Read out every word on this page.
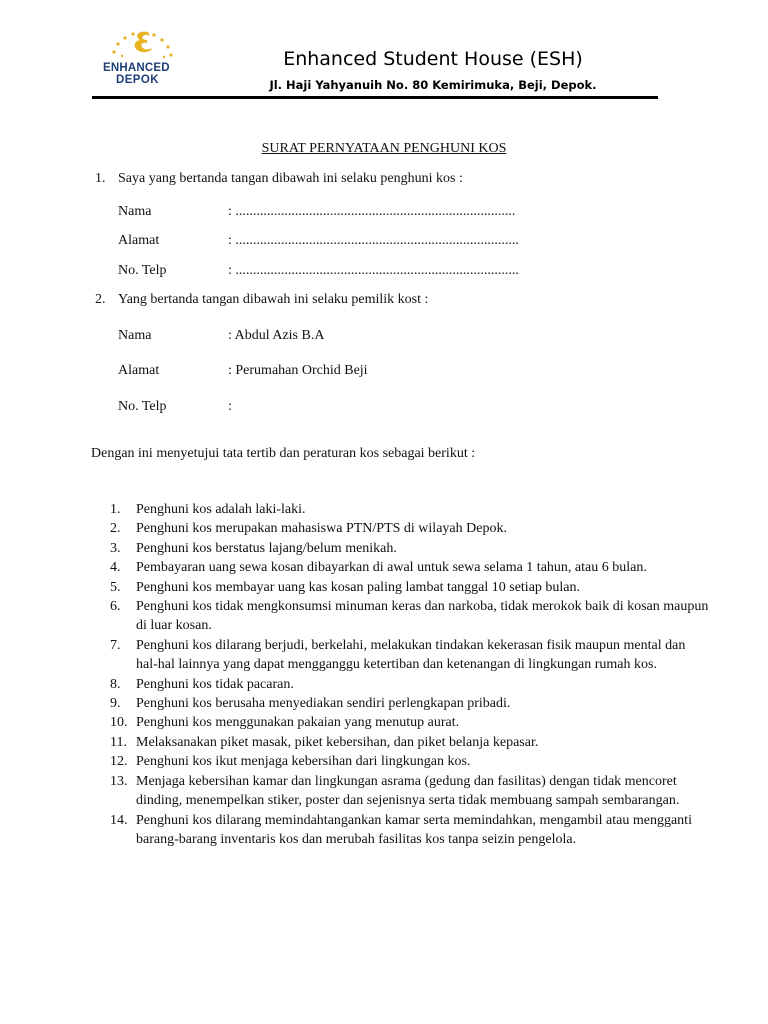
ENHANCED
DEPOK
Enhanced Student House (ESH)
Jl. Haji Yahyanuih No. 80 Kemirimuka, Beji, Depok.
SURAT PERNYATAAN PENGHUNI KOS
1. Saya yang bertanda tangan dibawah ini selaku penghuni kos :
Nama	: ................................................................................
Alamat	: .................................................................................
No. Telp	: .................................................................................
2. Yang bertanda tangan dibawah ini selaku pemilik kost :
Nama	: Abdul Azis B.A
Alamat	: Perumahan Orchid Beji
No. Telp	:
Dengan ini menyetujui tata tertib dan peraturan kos sebagai berikut :
1. Penghuni kos adalah laki-laki.
2. Penghuni kos merupakan mahasiswa PTN/PTS di wilayah Depok.
3. Penghuni kos berstatus lajang/belum menikah.
4. Pembayaran uang sewa kosan dibayarkan di awal untuk sewa selama 1 tahun, atau 6 bulan.
5. Penghuni kos membayar uang kas kosan paling lambat tanggal 10 setiap bulan.
6. Penghuni kos tidak mengkonsumsi minuman keras dan narkoba, tidak merokok baik di kosan maupun di luar kosan.
7. Penghuni kos dilarang berjudi, berkelahi, melakukan tindakan kekerasan fisik maupun mental dan hal-hal lainnya yang dapat mengganggu ketertiban dan ketenangan di lingkungan rumah kos.
8. Penghuni kos tidak pacaran.
9. Penghuni kos berusaha menyediakan sendiri perlengkapan pribadi.
10. Penghuni kos menggunakan pakaian yang menutup aurat.
11. Melaksanakan piket masak, piket kebersihan, dan piket belanja kepasar.
12. Penghuni kos ikut menjaga kebersihan dari lingkungan kos.
13. Menjaga kebersihan kamar dan lingkungan asrama (gedung dan fasilitas) dengan tidak mencoret dinding, menempelkan stiker, poster dan sejenisnya serta tidak membuang sampah sembarangan.
14. Penghuni kos dilarang memindahtangankan kamar serta memindahkan, mengambil atau mengganti barang-barang inventaris kos dan merubah fasilitas kos tanpa seizin pengelola.
